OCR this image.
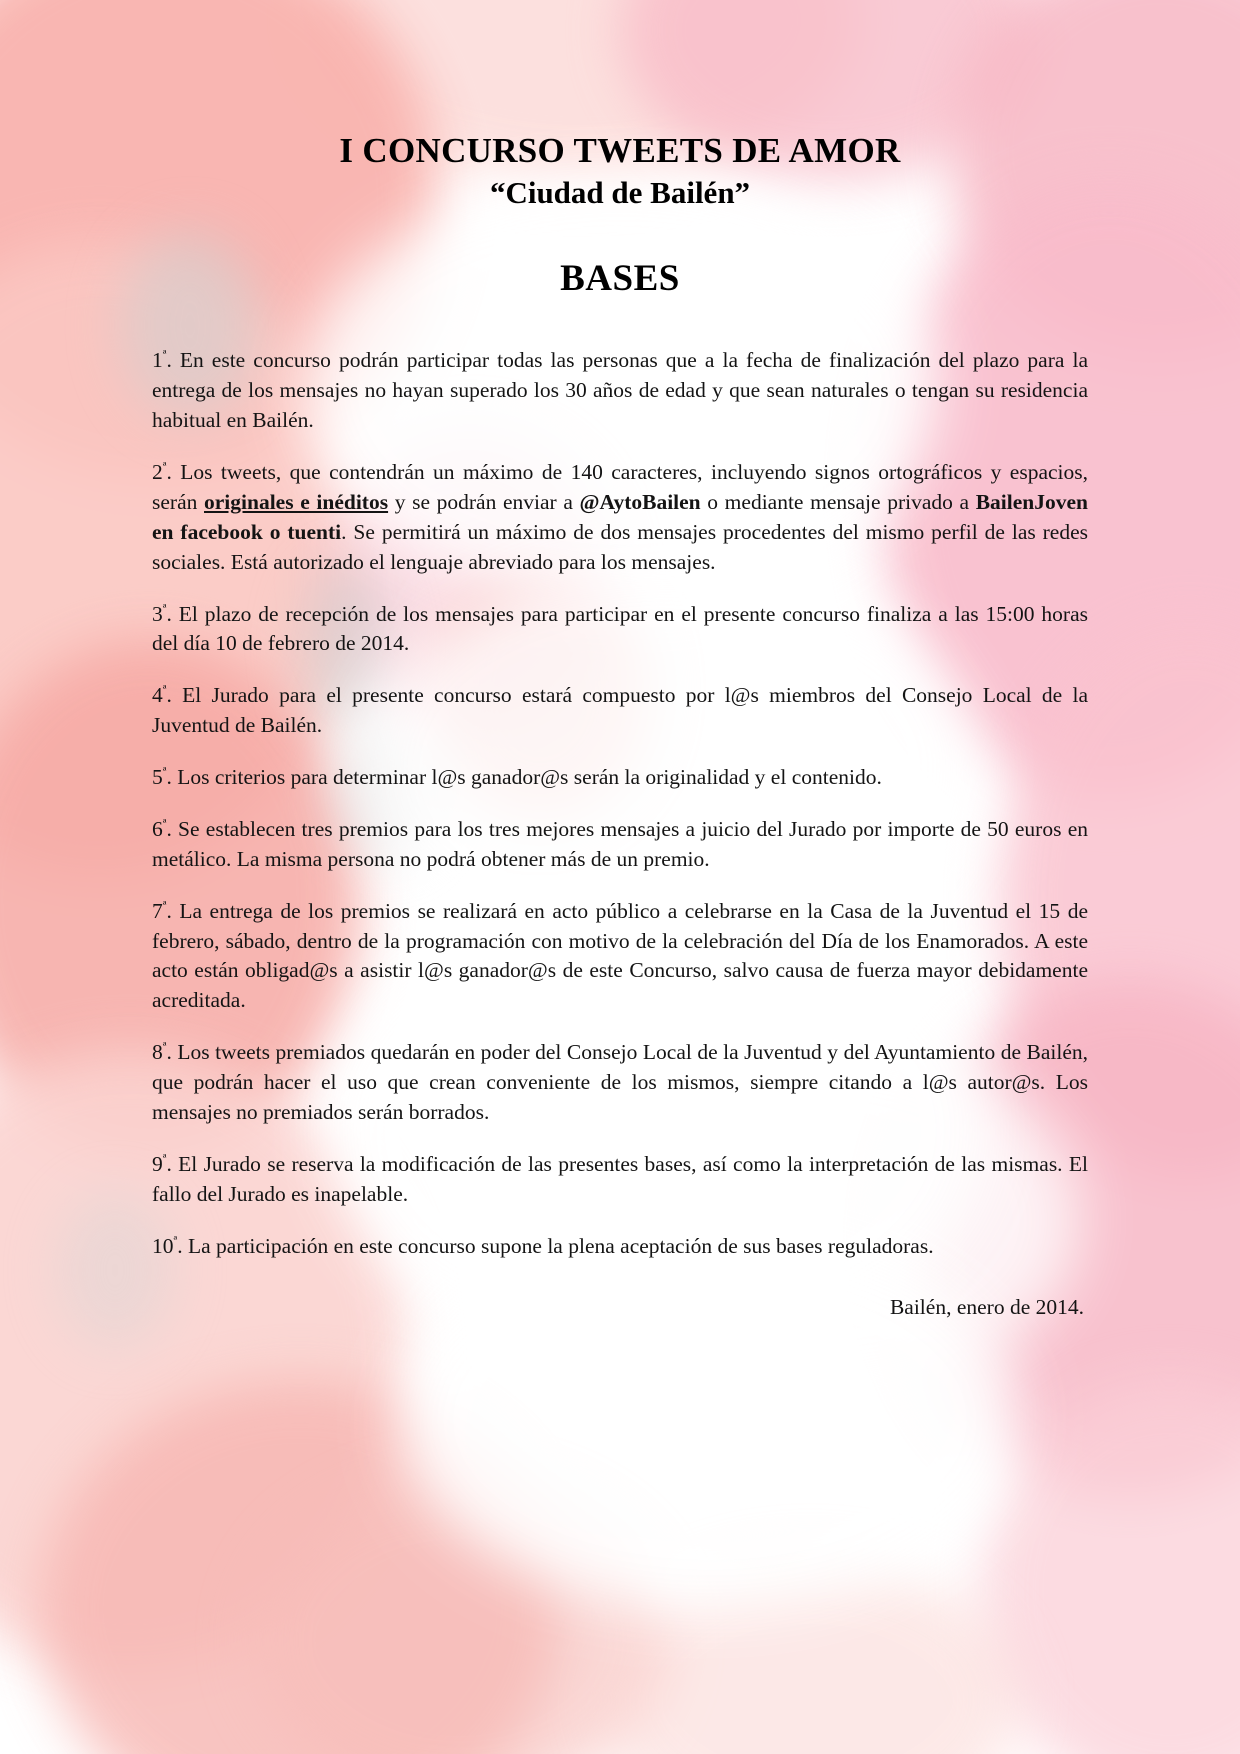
I CONCURSO TWEETS DE AMOR
“Ciudad de Bailén”
BASES

$1^ª$. En este concurso podrán participar todas las personas que a la fecha de finalización del plazo para la entrega de los mensajes no hayan superado los 30 años de edad y que sean naturales o tengan su residencia habitual en Bailén.

$2^ª$. Los tweets, que contendrán un máximo de 140 caracteres, incluyendo signos ortográficos y espacios, serán originales e inéditos y se podrán enviar a @AytoBailen o mediante mensaje privado a BailenJoven en facebook o tuenti. Se permitirá un máximo de dos mensajes procedentes del mismo perfil de las redes sociales. Está autorizado el lenguaje abreviado para los mensajes.

$3^ª$. El plazo de recepción de los mensajes para participar en el presente concurso finaliza a las 15:00 horas del día 10 de febrero de 2014.

$4^ª$. El Jurado para el presente concurso estará compuesto por l@s miembros del Consejo Local de la Juventud de Bailén.

$5^ª$. Los criterios para determinar l@s ganador@s serán la originalidad y el contenido.

$6^ª$. Se establecen tres premios para los tres mejores mensajes a juicio del Jurado por importe de 50 euros en metálico. La misma persona no podrá obtener más de un premio.

$7^ª$. La entrega de los premios se realizará en acto público a celebrarse en la Casa de la Juventud el 15 de febrero, sábado, dentro de la programación con motivo de la celebración del Día de los Enamorados. A este acto están obligad@s a asistir l@s ganador@s de este Concurso, salvo causa de fuerza mayor debidamente acreditada.

$8^ª$. Los tweets premiados quedarán en poder del Consejo Local de la Juventud y del Ayuntamiento de Bailén, que podrán hacer el uso que crean conveniente de los mismos, siempre citando a l@s autor@s. Los mensajes no premiados serán borrados.

$9^ª$. El Jurado se reserva la modificación de las presentes bases, así como la interpretación de las mismas. El fallo del Jurado es inapelable.

$10^ª$. La participación en este concurso supone la plena aceptación de sus bases reguladoras.

Bailén, enero de 2014.
